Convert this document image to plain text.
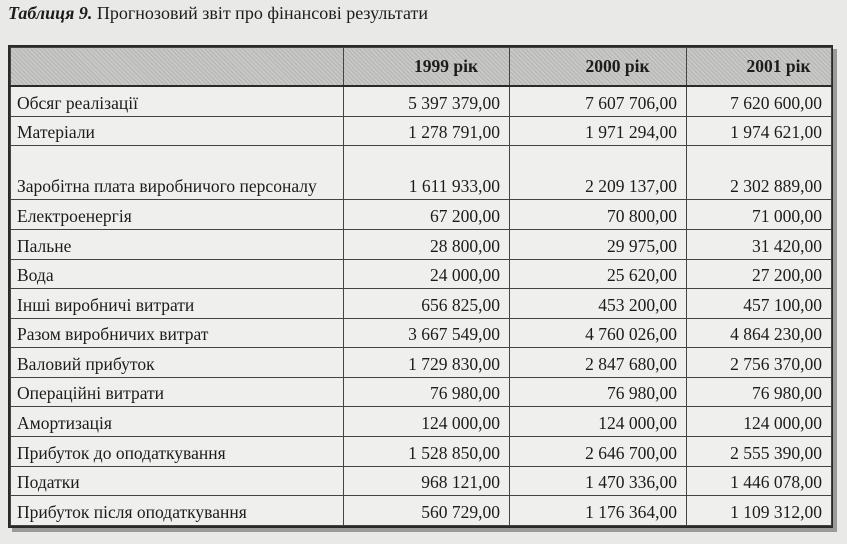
Таблиця 9. Прогнозовий звіт про фінансові результати
	1999 рік	2000 рік	2001 рік
Обсяг реалізації	5 397 379,00	7 607 706,00	7 620 600,00
Матеріали	1 278 791,00	1 971 294,00	1 974 621,00
Заробітна плата виробничого персоналу	1 611 933,00	2 209 137,00	2 302 889,00
Електроенергія	67 200,00	70 800,00	71 000,00
Пальне	28 800,00	29 975,00	31 420,00
Вода	24 000,00	25 620,00	27 200,00
Інші виробничі витрати	656 825,00	453 200,00	457 100,00
Разом виробничих витрат	3 667 549,00	4 760 026,00	4 864 230,00
Валовий прибуток	1 729 830,00	2 847 680,00	2 756 370,00
Операційні витрати	76 980,00	76 980,00	76 980,00
Амортизація	124 000,00	124 000,00	124 000,00
Прибуток до оподаткування	1 528 850,00	2 646 700,00	2 555 390,00
Податки	968 121,00	1 470 336,00	1 446 078,00
Прибуток після оподаткування	560 729,00	1 176 364,00	1 109 312,00
